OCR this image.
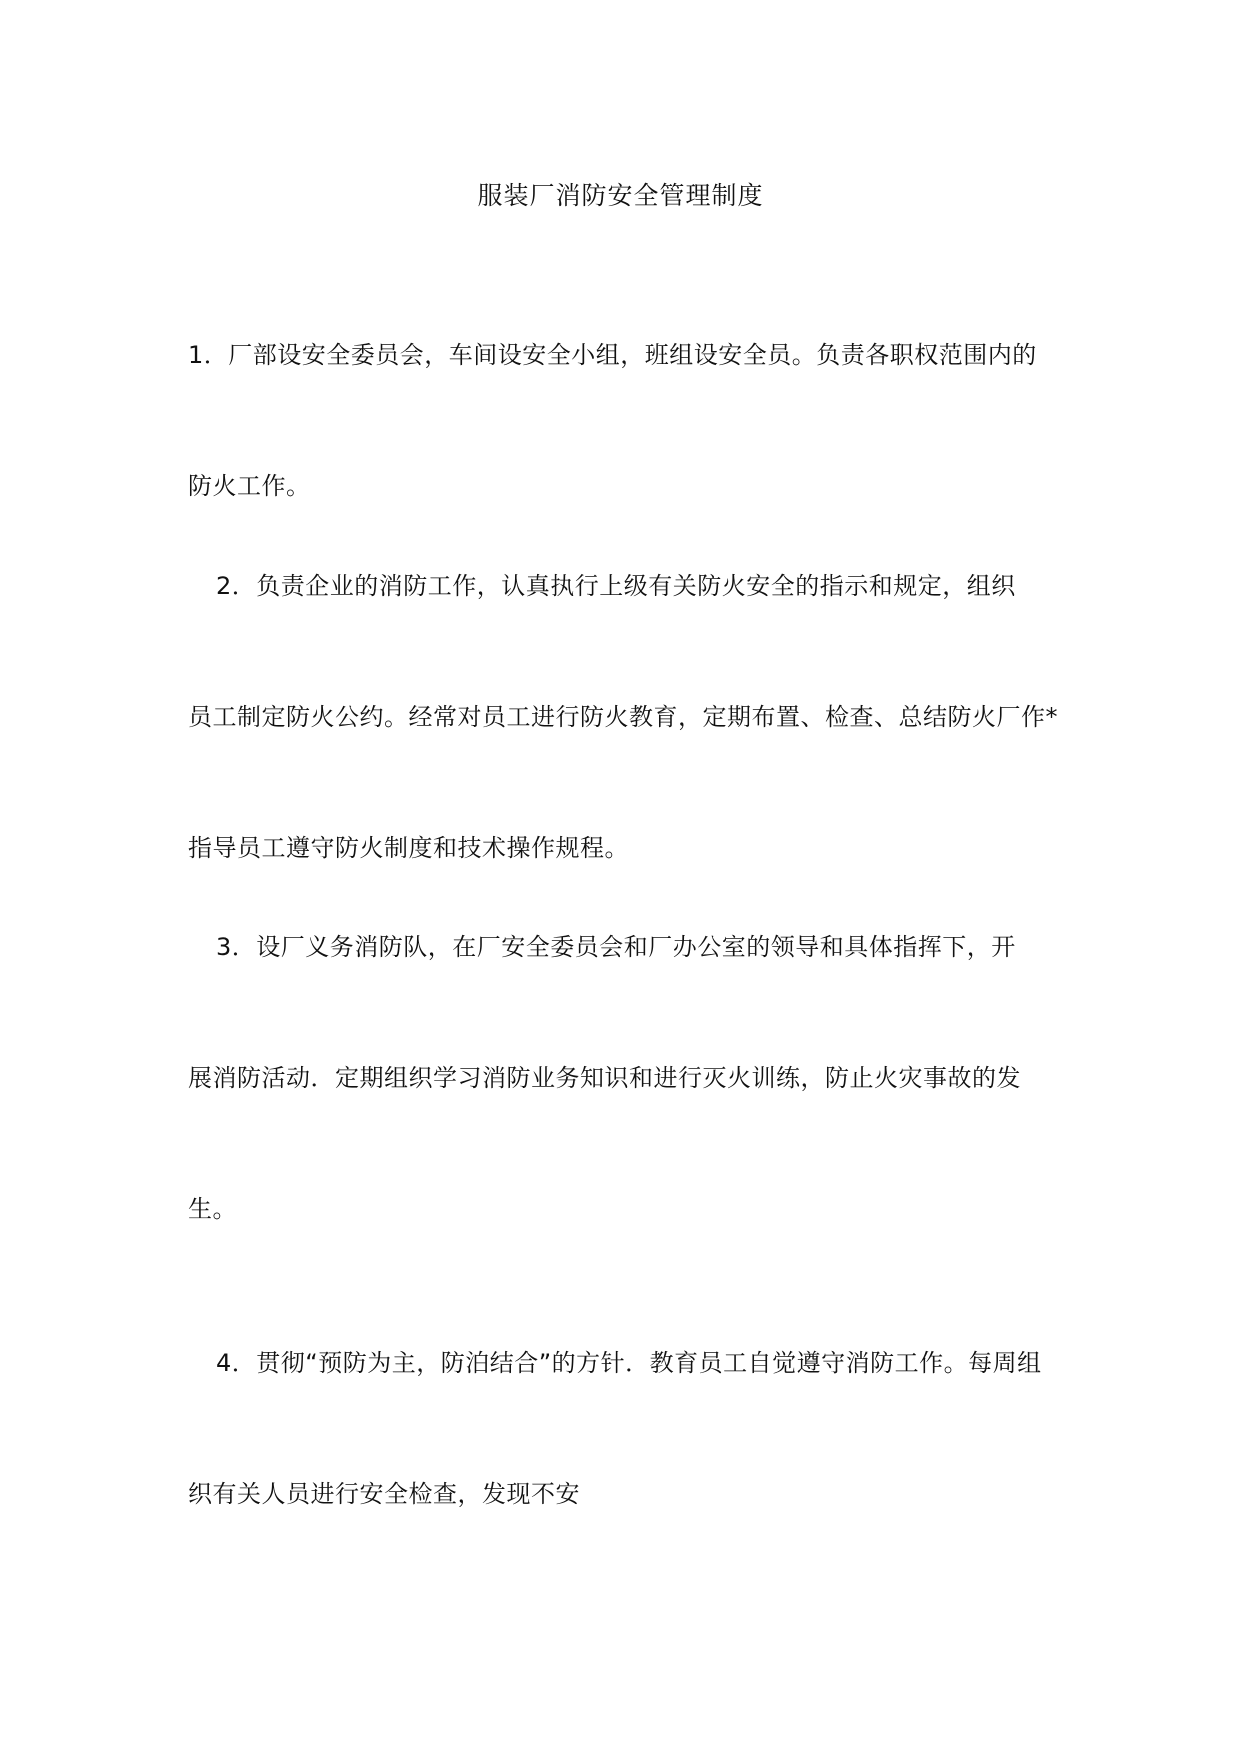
服装厂消防安全管理制度
1．厂部设安全委员会，车间设安全小组，班组设安全员。负责各职权范围内的
防火工作。
2．负责企业的消防工作，认真执行上级有关防火安全的指示和规定，组织
员工制定防火公约。经常对员工进行防火教育，定期布置、检查、总结防火厂作*
指导员工遵守防火制度和技术操作规程。
3．设厂义务消防队，在厂安全委员会和厂办公室的领导和具体指挥下，开
展消防活动．定期组织学习消防业务知识和进行灭火训练，防止火灾事故的发
生。
4．贯彻“预防为主，防泊结合”的方针．教育员工自觉遵守消防工作。每周组
织有关人员进行安全检查，发现不安
